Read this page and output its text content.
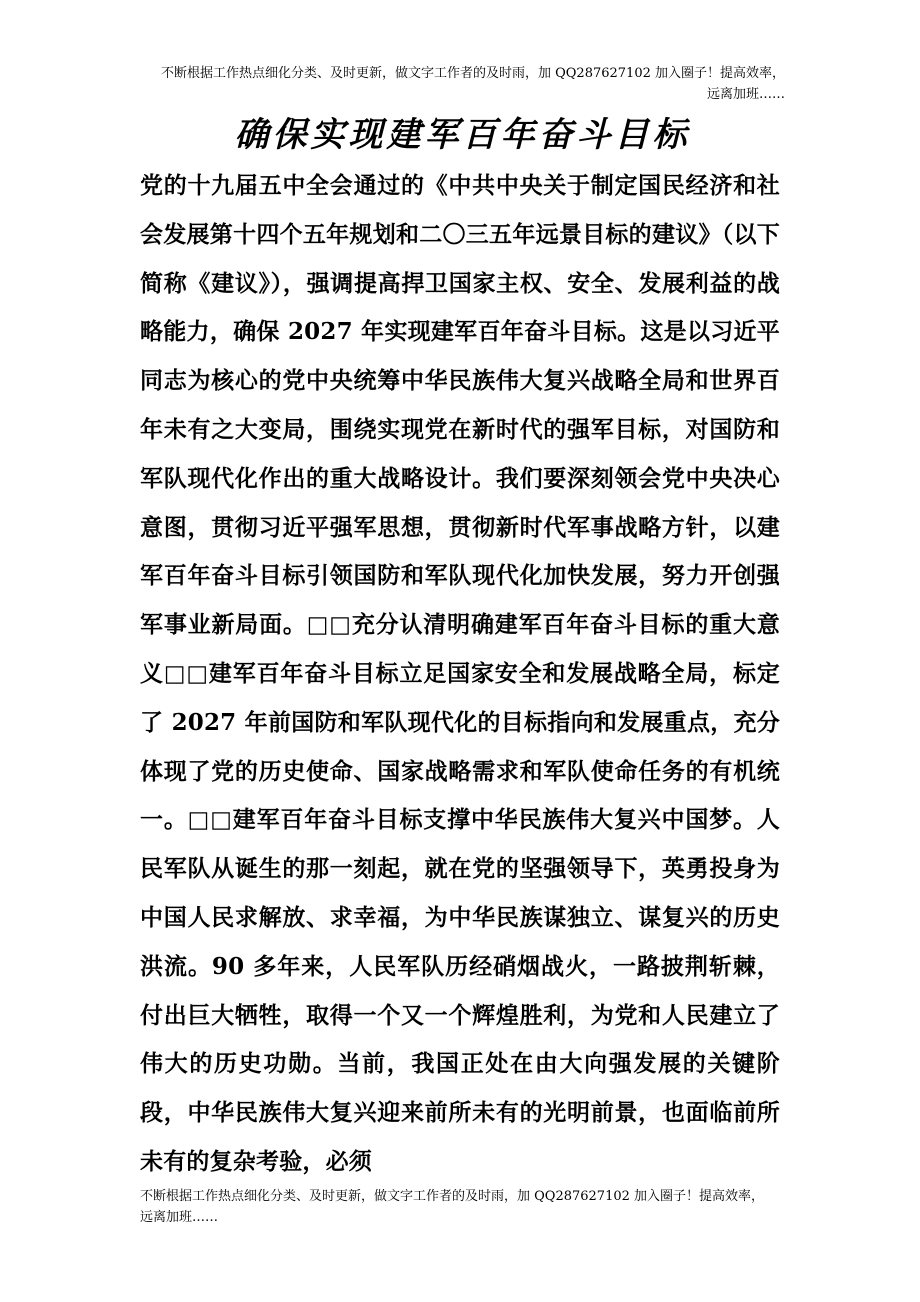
不断根据工作热点细化分类、及时更新，做文字工作者的及时雨，加 QQ287627102 加入圈子！提高效率，
远离加班……
确保实现建军百年奋斗目标

党的十九届五中全会通过的《中共中央关于制定国民经济和社会发展第十四个五年规划和二〇三五年远景目标的建议》（以下简称《建议》），强调提高捍卫国家主权、安全、发展利益的战略能力，确保 2027 年实现建军百年奋斗目标。这是以习近平同志为核心的党中央统筹中华民族伟大复兴战略全局和世界百年未有之大变局，围绕实现党在新时代的强军目标，对国防和军队现代化作出的重大战略设计。我们要深刻领会党中央决心意图，贯彻习近平强军思想，贯彻新时代军事战略方针，以建军百年奋斗目标引领国防和军队现代化加快发展，努力开创强军事业新局面。□□充分认清明确建军百年奋斗目标的重大意义□□建军百年奋斗目标立足国家安全和发展战略全局，标定了 2027 年前国防和军队现代化的目标指向和发展重点，充分体现了党的历史使命、国家战略需求和军队使命任务的有机统一。□□建军百年奋斗目标支撑中华民族伟大复兴中国梦。人民军队从诞生的那一刻起，就在党的坚强领导下，英勇投身为中国人民求解放、求幸福，为中华民族谋独立、谋复兴的历史洪流。90 多年来，人民军队历经硝烟战火，一路披荆斩棘，付出巨大牺牲，取得一个又一个辉煌胜利，为党和人民建立了伟大的历史功勋。当前，我国正处在由大向强发展的关键阶段，中华民族伟大复兴迎来前所未有的光明前景，也面临前所未有的复杂考验，必须

不断根据工作热点细化分类、及时更新，做文字工作者的及时雨，加 QQ287627102 加入圈子！提高效率，
远离加班……
